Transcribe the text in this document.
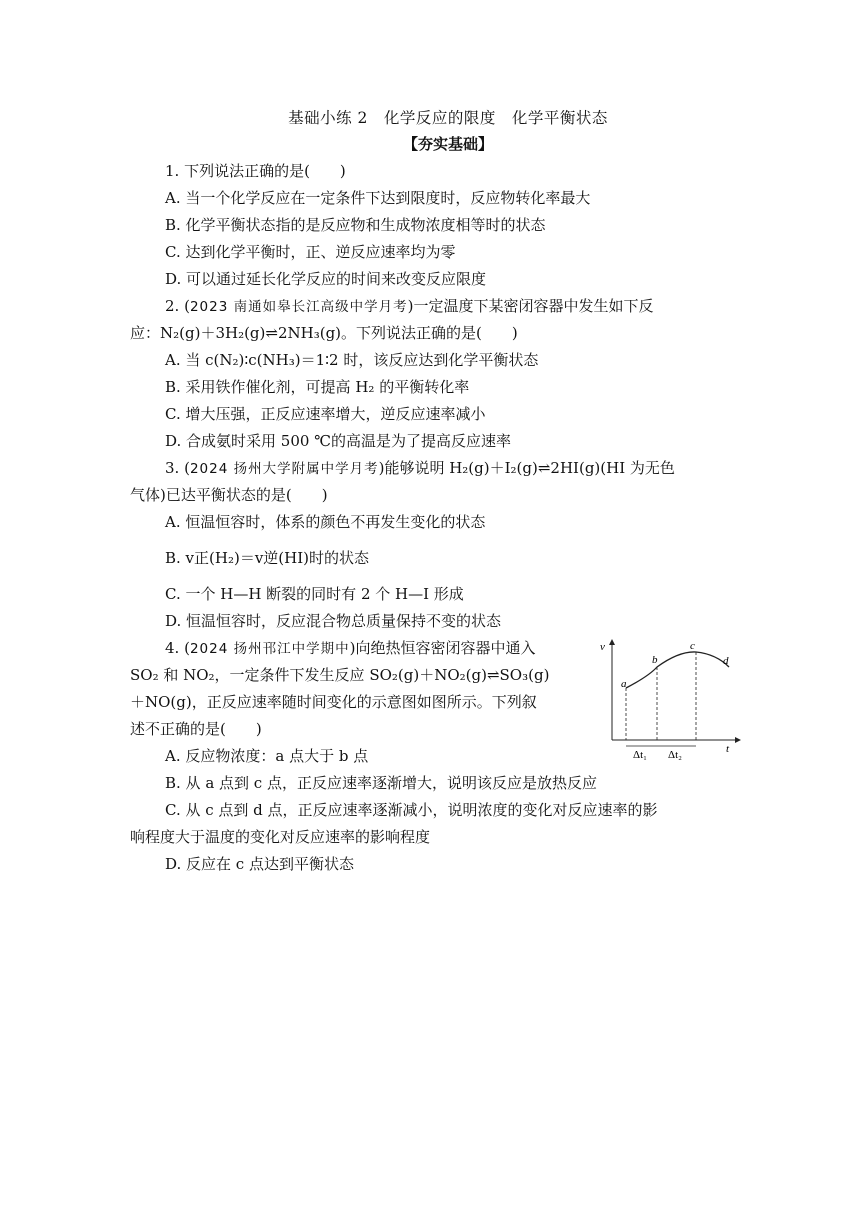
基础小练 2　化学反应的限度　化学平衡状态
【夯实基础】
1. 下列说法正确的是(　　)
A. 当一个化学反应在一定条件下达到限度时，反应物转化率最大
B. 化学平衡状态指的是反应物和生成物浓度相等时的状态
C. 达到化学平衡时，正、逆反应速率均为零
D. 可以通过延长化学反应的时间来改变反应限度
2. (2023 南通如皋长江高级中学月考)一定温度下某密闭容器中发生如下反
应：N₂(g)＋3H₂(g)⇌2NH₃(g)。下列说法正确的是(　　)
A. 当 c(N₂)∶c(NH₃)＝1∶2 时，该反应达到化学平衡状态
B. 采用铁作催化剂，可提高 H₂ 的平衡转化率
C. 增大压强，正反应速率增大，逆反应速率减小
D. 合成氨时采用 500 ℃的高温是为了提高反应速率
3. (2024 扬州大学附属中学月考)能够说明 H₂(g)＋I₂(g)⇌2HI(g)(HI 为无色
气体)已达平衡状态的是(　　)
A. 恒温恒容时，体系的颜色不再发生变化的状态
B. v正(H₂)＝v逆(HI)时的状态
C. 一个 H—H 断裂的同时有 2 个 H—I 形成
D. 恒温恒容时，反应混合物总质量保持不变的状态
4. (2024 扬州邗江中学期中)向绝热恒容密闭容器中通入
SO₂ 和 NO₂，一定条件下发生反应 SO₂(g)＋NO₂(g)⇌SO₃(g)
＋NO(g)，正反应速率随时间变化的示意图如图所示。下列叙
述不正确的是(　　)
A. 反应物浓度：a 点大于 b 点
B. 从 a 点到 c 点，正反应速率逐渐增大，说明该反应是放热反应
C. 从 c 点到 d 点，正反应速率逐渐减小，说明浓度的变化对反应速率的影
响程度大于温度的变化对反应速率的影响程度
D. 反应在 c 点达到平衡状态
v
t
a
b
c
d
Δt₁ Δt₂
